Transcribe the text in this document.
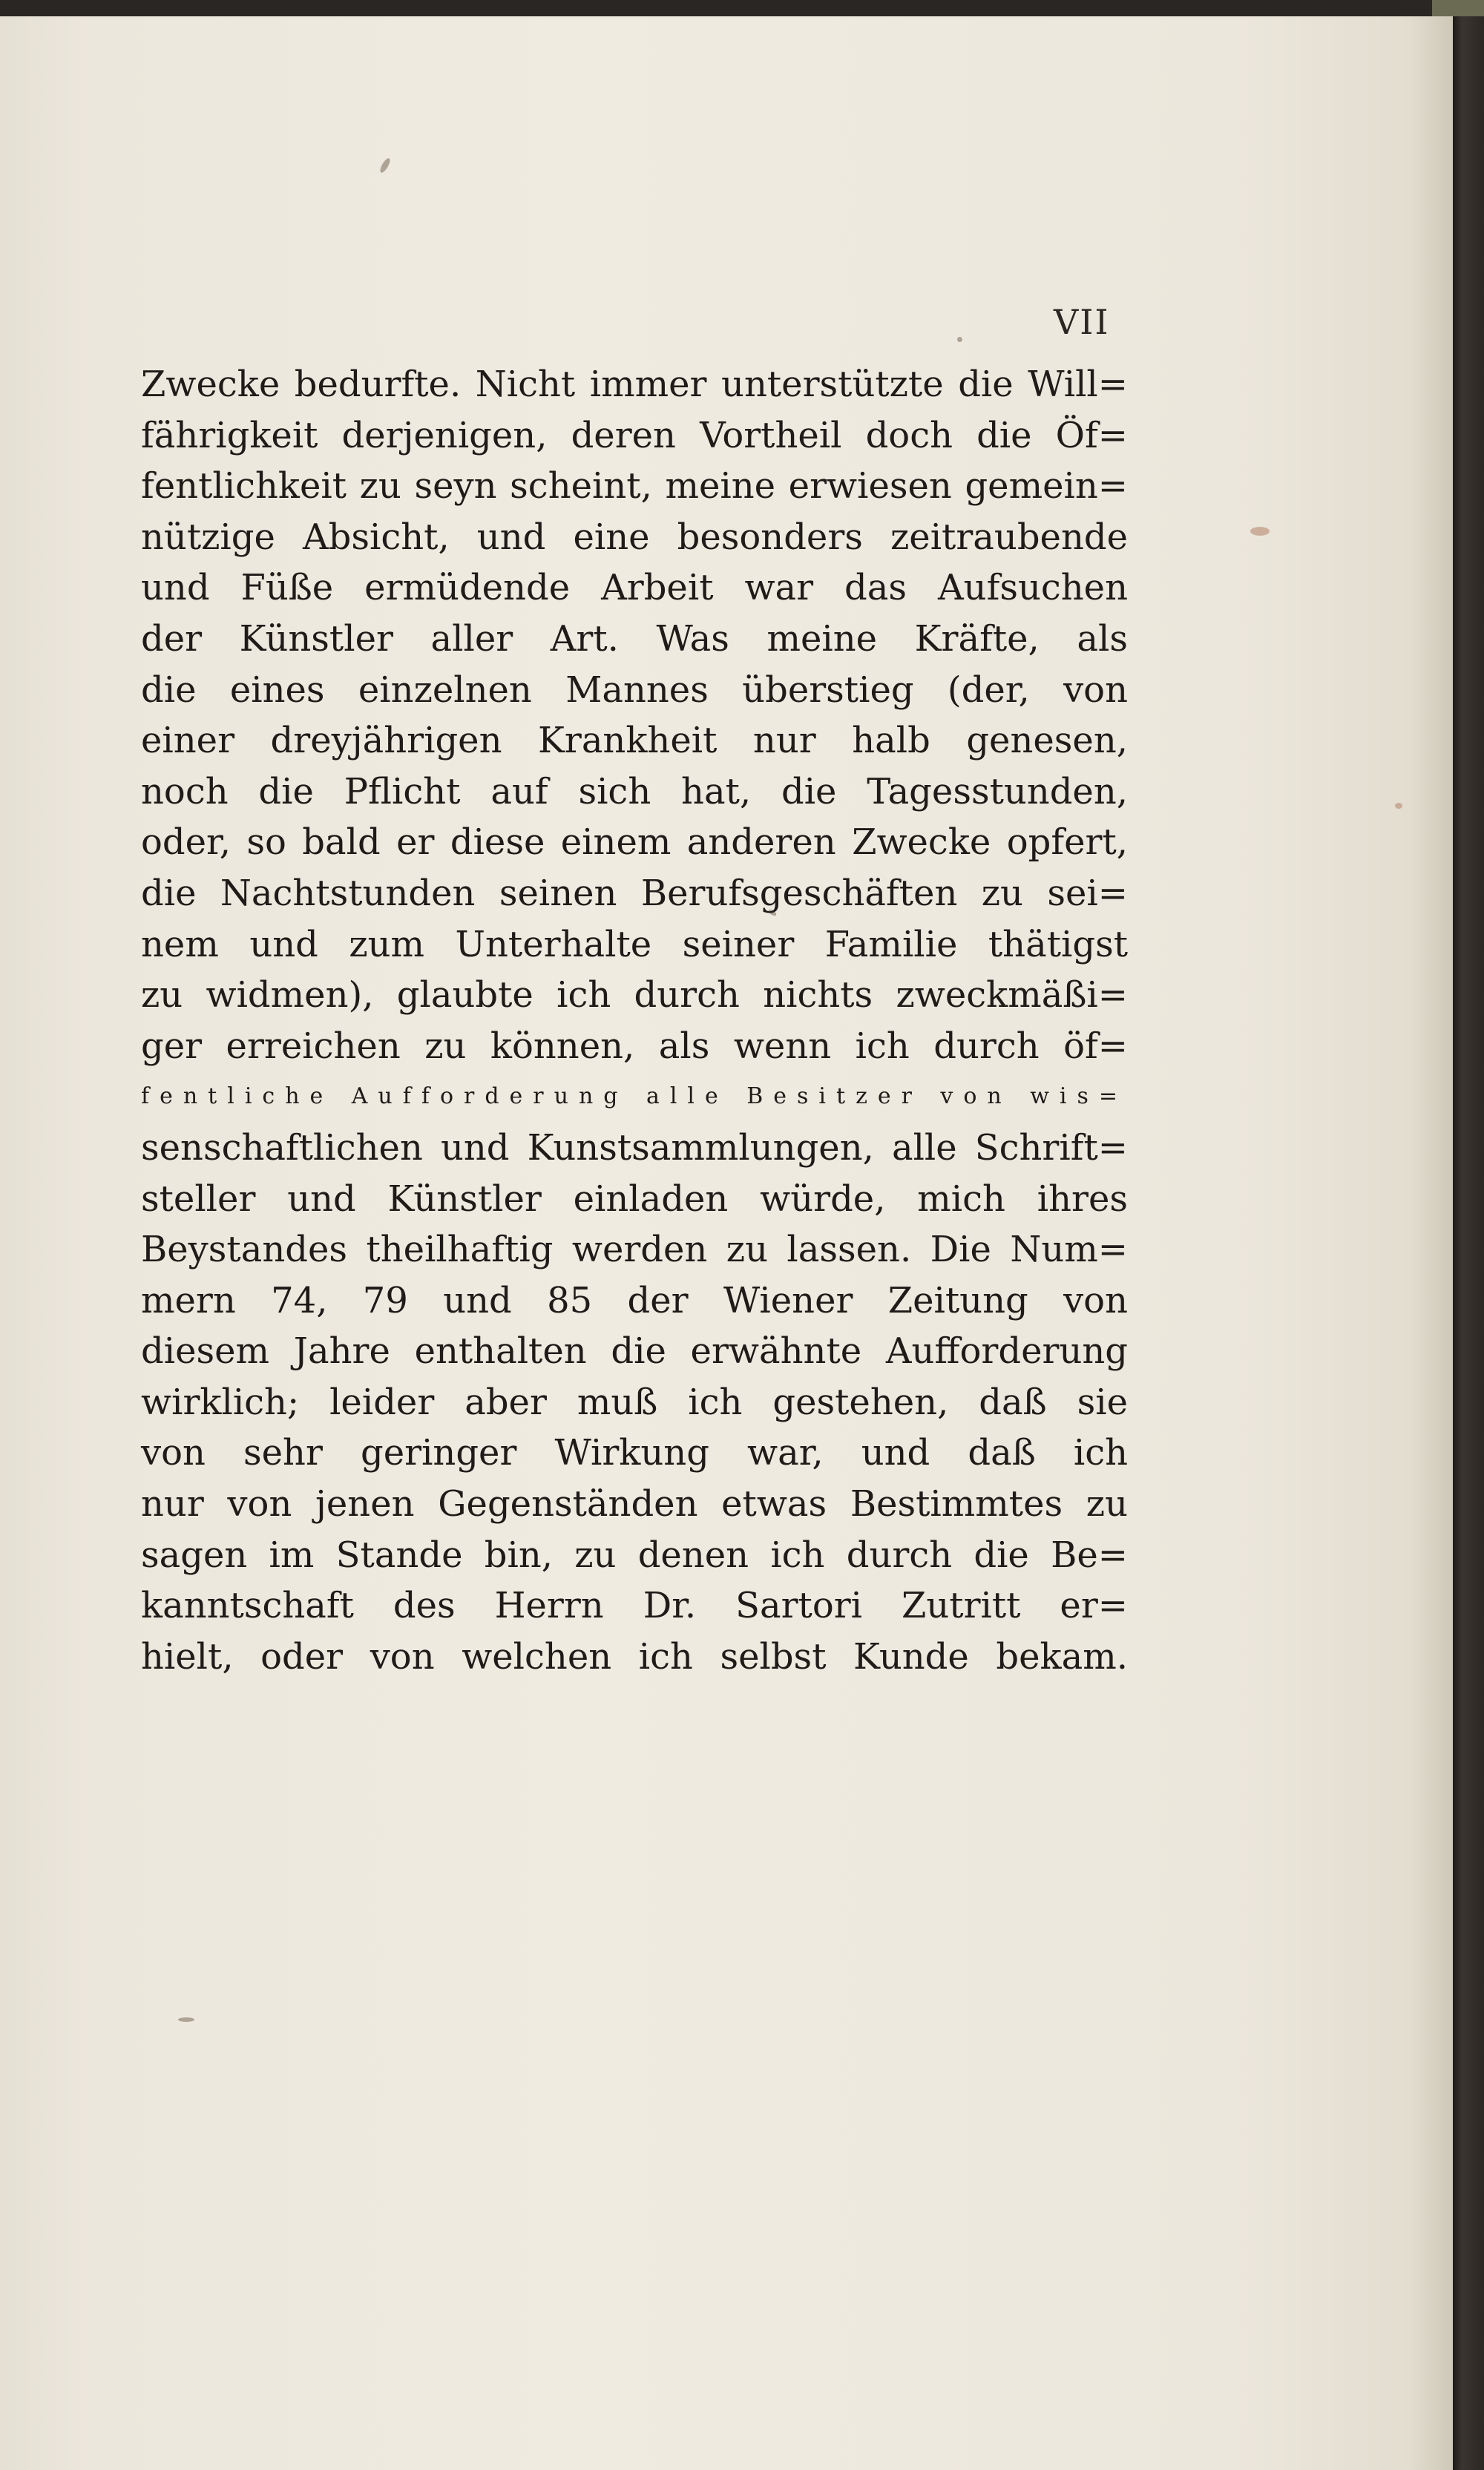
VII
Zwecke bedurfte. Nicht immer unterstützte die Will=
fährigkeit derjenigen, deren Vortheil doch die Öf=
fentlichkeit zu seyn scheint, meine erwiesen gemein=
nützige Absicht, und eine besonders zeitraubende
und Füße ermüdende Arbeit war das Aufsuchen
der Künstler aller Art. Was meine Kräfte, als
die eines einzelnen Mannes überstieg (der, von
einer dreyjährigen Krankheit nur halb genesen,
noch die Pflicht auf sich hat, die Tagesstunden,
oder, so bald er diese einem anderen Zwecke opfert,
die Nachtstunden seinen Berufsgeschäften zu sei=
nem und zum Unterhalte seiner Familie thätigst
zu widmen), glaubte ich durch nichts zweckmäßi=
ger erreichen zu können, als wenn ich durch öf=
fentliche Aufforderung alle Besitzer von wis=
senschaftlichen und Kunstsammlungen, alle Schrift=
steller und Künstler einladen würde, mich ihres
Beystandes theilhaftig werden zu lassen. Die Num=
mern 74, 79 und 85 der Wiener Zeitung von
diesem Jahre enthalten die erwähnte Aufforderung
wirklich; leider aber muß ich gestehen, daß sie
von sehr geringer Wirkung war, und daß ich
nur von jenen Gegenständen etwas Bestimmtes zu
sagen im Stande bin, zu denen ich durch die Be=
kanntschaft des Herrn Dr. Sartori Zutritt er=
hielt, oder von welchen ich selbst Kunde bekam.
